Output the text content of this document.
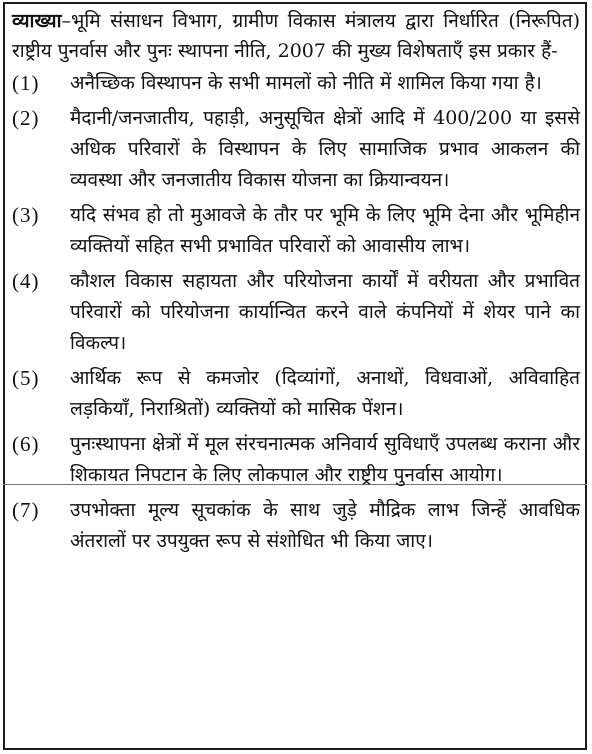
व्याख्या–भूमि संसाधन विभाग, ग्रामीण विकास मंत्रालय द्वारा निर्धारित (निरूपित) राष्ट्रीय पुनर्वास और पुनः स्थापना नीति, 2007 की मुख्य विशेषताएँ इस प्रकार हैं-

(1)	अनैच्छिक विस्थापन के सभी मामलों को नीति में शामिल किया गया है।
(2)	मैदानी/जनजातीय, पहाड़ी, अनुसूचित क्षेत्रों आदि में 400/200 या इससे अधिक परिवारों के विस्थापन के लिए सामाजिक प्रभाव आकलन की व्यवस्था और जनजातीय विकास योजना का क्रियान्वयन।
(3)	यदि संभव हो तो मुआवजे के तौर पर भूमि के लिए भूमि देना और भूमिहीन व्यक्तियों सहित सभी प्रभावित परिवारों को आवासीय लाभ।
(4)	कौशल विकास सहायता और परियोजना कार्यों में वरीयता और प्रभावित परिवारों को परियोजना कार्यान्वित करने वाले कंपनियों में शेयर पाने का विकल्प।
(5)	आर्थिक रूप से कमजोर (दिव्यांगों, अनाथों, विधवाओं, अविवाहित लड़कियाँ, निराश्रितों) व्यक्तियों को मासिक पेंशन।
(6)	पुनःस्थापना क्षेत्रों में मूल संरचनात्मक अनिवार्य सुविधाएँ उपलब्ध कराना और शिकायत निपटान के लिए लोकपाल और राष्ट्रीय पुनर्वास आयोग।
(7)	उपभोक्ता मूल्य सूचकांक के साथ जुड़े मौद्रिक लाभ जिन्हें आवधिक अंतरालों पर उपयुक्त रूप से संशोधित भी किया जाए।
